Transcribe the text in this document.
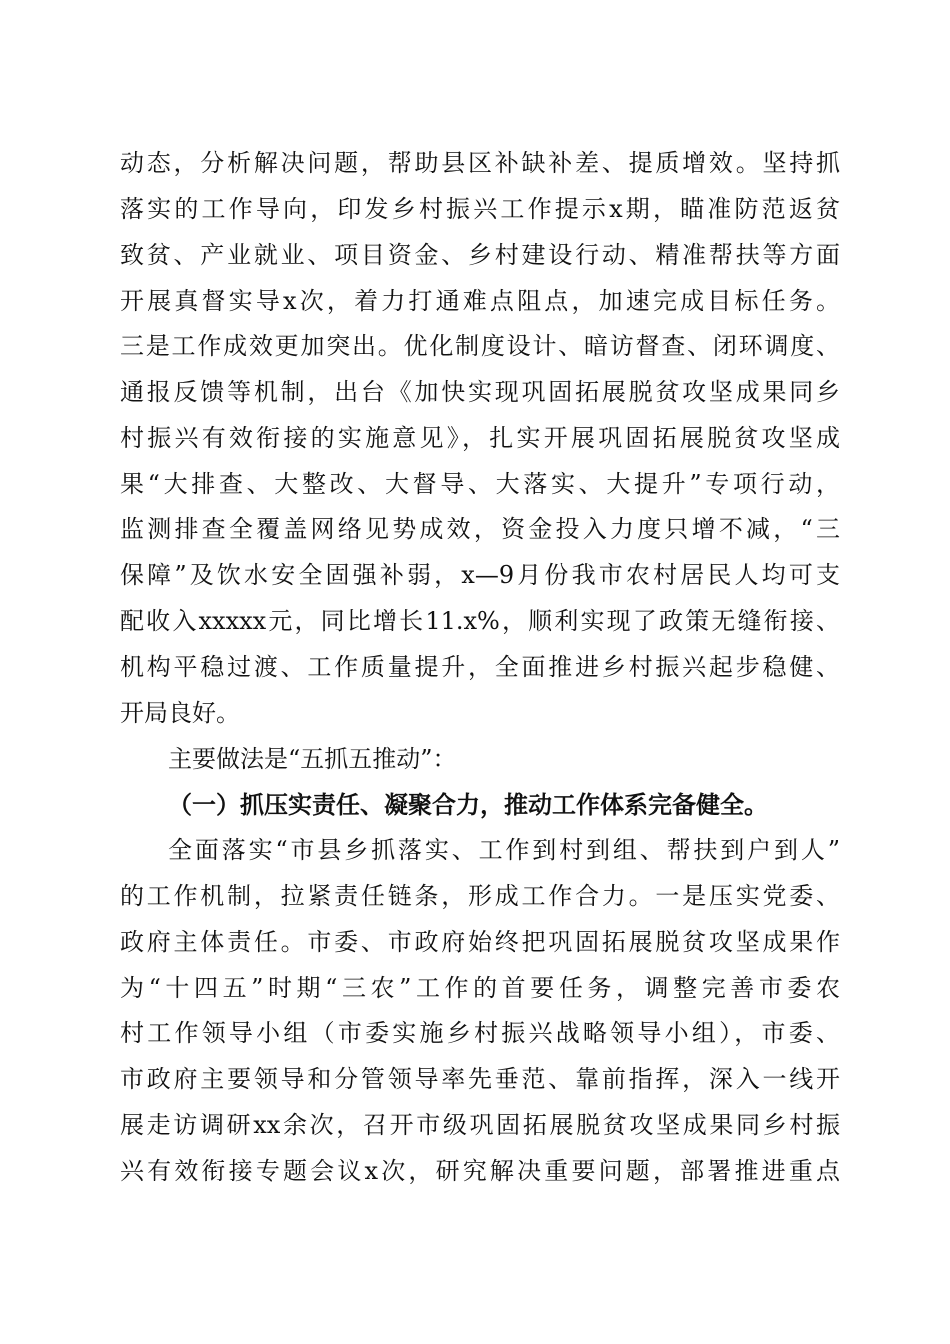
动态，分析解决问题，帮助县区补缺补差、提质增效。坚持抓
落实的工作导向，印发乡村振兴工作提示x期，瞄准防范返贫
致贫、产业就业、项目资金、乡村建设行动、精准帮扶等方面
开展真督实导x次，着力打通难点阻点，加速完成目标任务。
三是工作成效更加突出。优化制度设计、暗访督查、闭环调度、
通报反馈等机制，出台《加快实现巩固拓展脱贫攻坚成果同乡
村振兴有效衔接的实施意见》，扎实开展巩固拓展脱贫攻坚成
果“大排查、大整改、大督导、大落实、大提升”专项行动，
监测排查全覆盖网络见势成效，资金投入力度只增不减，“三
保障”及饮水安全固强补弱，x—9月份我市农村居民人均可支
配收入xxxxx元，同比增长11.x%，顺利实现了政策无缝衔接、
机构平稳过渡、工作质量提升，全面推进乡村振兴起步稳健、
开局良好。
主要做法是“五抓五推动”：
（一）抓压实责任、凝聚合力，推动工作体系完备健全。
全面落实“市县乡抓落实、工作到村到组、帮扶到户到人”
的工作机制，拉紧责任链条，形成工作合力。一是压实党委、
政府主体责任。市委、市政府始终把巩固拓展脱贫攻坚成果作
为“十四五”时期“三农”工作的首要任务，调整完善市委农
村工作领导小组（市委实施乡村振兴战略领导小组），市委、
市政府主要领导和分管领导率先垂范、靠前指挥，深入一线开
展走访调研xx余次，召开市级巩固拓展脱贫攻坚成果同乡村振
兴有效衔接专题会议x次，研究解决重要问题，部署推进重点
